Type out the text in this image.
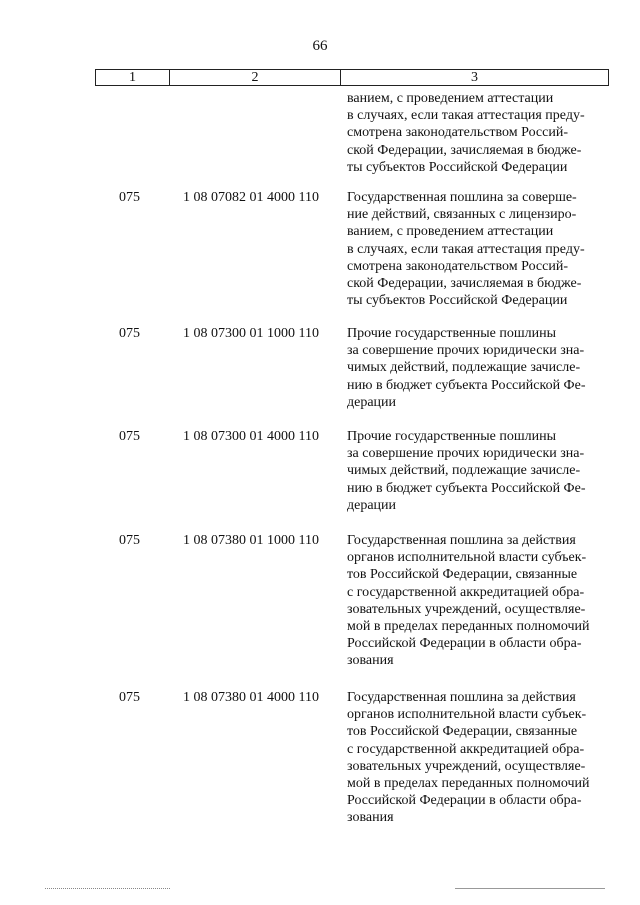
66
1	2	3
ванием, с проведением аттестации
в случаях, если такая аттестация преду-
смотрена законодательством Россий-
ской Федерации, зачисляемая в бюдже-
ты субъектов Российской Федерации
075	1 08 07082 01 4000 110 Государственная пошлина за соверше-
ние действий, связанных с лицензиро-
ванием, с проведением аттестации
в случаях, если такая аттестация преду-
смотрена законодательством Россий-
ской Федерации, зачисляемая в бюдже-
ты субъектов Российской Федерации
075	1 08 07300 01 1000 110 Прочие государственные пошлины
за совершение прочих юридически зна-
чимых действий, подлежащие зачисле-
нию в бюджет субъекта Российской Фе-
дерации
075	1 08 07300 01 4000 110 Прочие государственные пошлины
за совершение прочих юридически зна-
чимых действий, подлежащие зачисле-
нию в бюджет субъекта Российской Фе-
дерации
075	1 08 07380 01 1000 110 Государственная пошлина за действия
органов исполнительной власти субъек-
тов Российской Федерации, связанные
с государственной аккредитацией обра-
зовательных учреждений, осуществляе-
мой в пределах переданных полномочий
Российской Федерации в области обра-
зования
075	1 08 07380 01 4000 110 Государственная пошлина за действия
органов исполнительной власти субъек-
тов Российской Федерации, связанные
с государственной аккредитацией обра-
зовательных учреждений, осуществляе-
мой в пределах переданных полномочий
Российской Федерации в области обра-
зования
